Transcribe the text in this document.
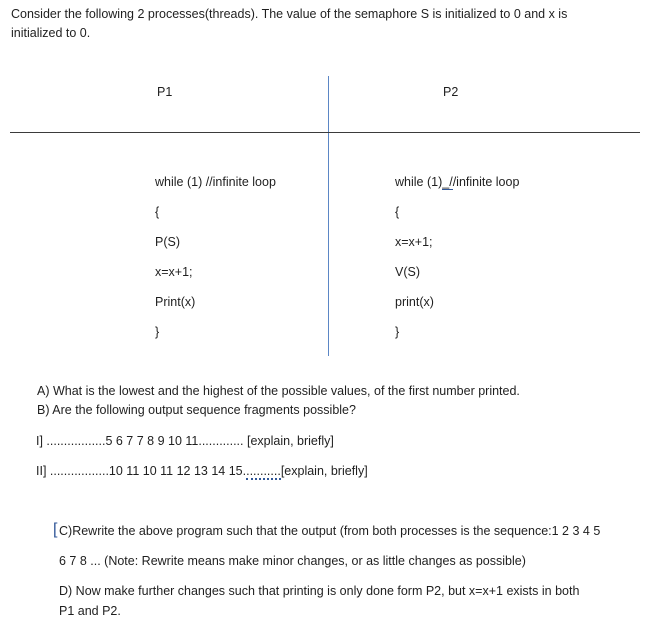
Consider the following 2 processes(threads). The value of the semaphore S is initialized to 0 and x is
initialized to 0.
P1	P2
while (1) //infinite loop
{
P(S)
x=x+1;
Print(x)
}
while (1)_//infinite loop
{
x=x+1;
V(S)
print(x)
}
A) What is the lowest and the highest of the possible values, of the first number printed.
B) Are the following output sequence fragments possible?
I] .................5 6 7 7 8 9 10 11............. [explain, briefly]
II] .................10 11 10 11 12 13 14 15...........[explain, briefly]
[ C)Rewrite the above program such that the output (from both processes is the sequence:1 2 3 4 5
6 7 8 ... (Note: Rewrite means make minor changes, or as little changes as possible)
D) Now make further changes such that printing is only done form P2, but x=x+1 exists in both
P1 and P2.
